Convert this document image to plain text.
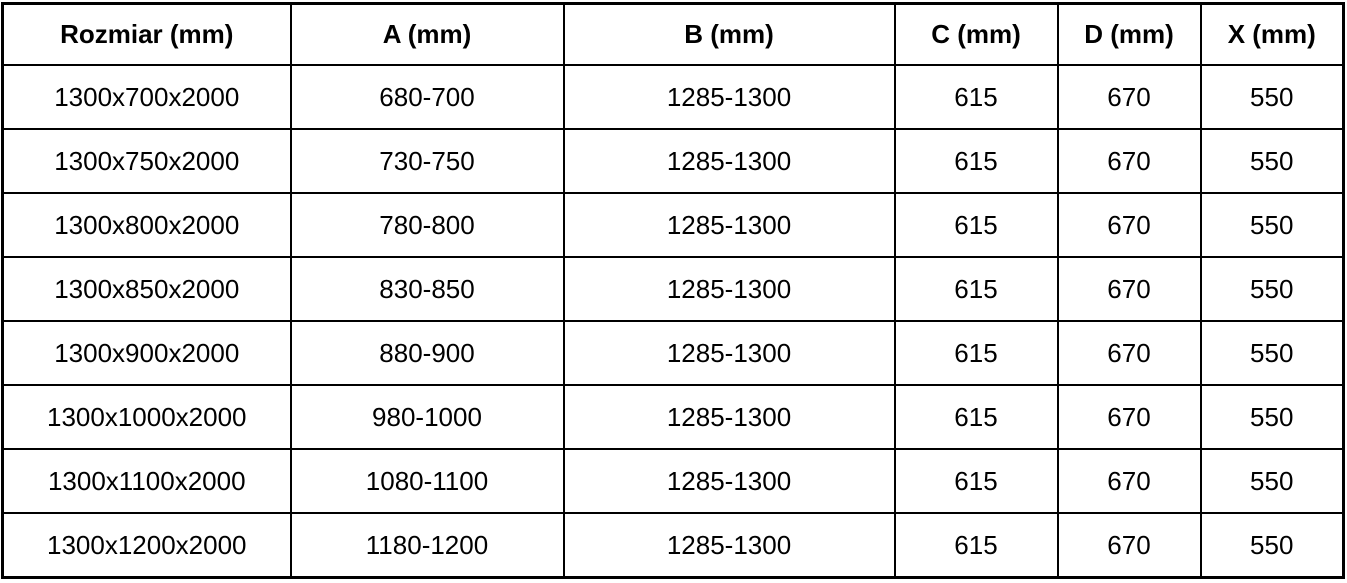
Rozmiar (mm)	A (mm)	B (mm)	C (mm)	D (mm)	X (mm)
1300x700x2000	680-700	1285-1300	615	670	550
1300x750x2000	730-750	1285-1300	615	670	550
1300x800x2000	780-800	1285-1300	615	670	550
1300x850x2000	830-850	1285-1300	615	670	550
1300x900x2000	880-900	1285-1300	615	670	550
1300x1000x2000	980-1000	1285-1300	615	670	550
1300x1100x2000	1080-1100	1285-1300	615	670	550
1300x1200x2000	1180-1200	1285-1300	615	670	550
